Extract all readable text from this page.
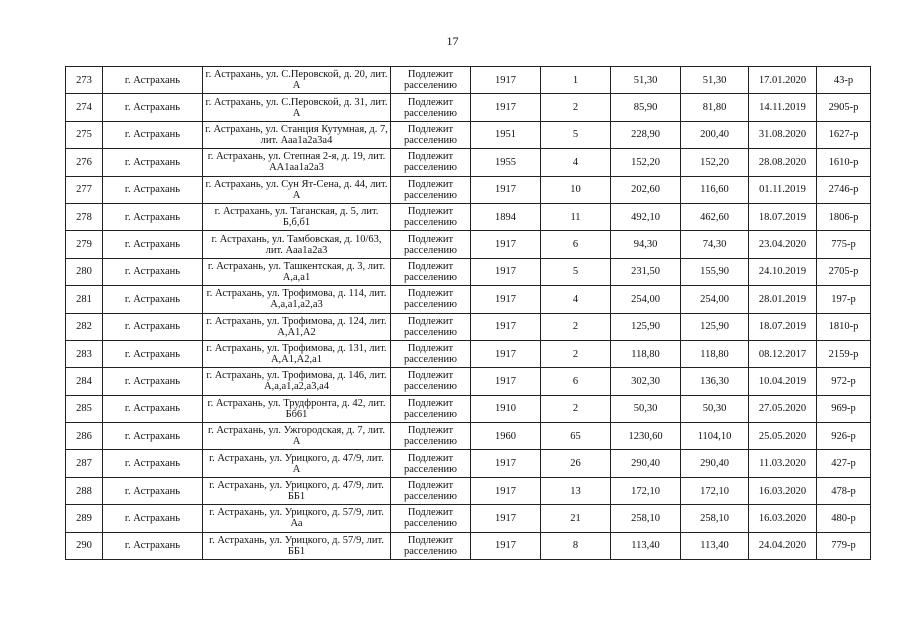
17
273	г. Астрахань	г. Астрахань, ул. С.Перовской, д. 20, лит. А	Подлежит расселению	1917	1	51,30	51,30	17.01.2020	43-р
274	г. Астрахань	г. Астрахань, ул. С.Перовской, д. 31, лит. А	Подлежит расселению	1917	2	85,90	81,80	14.11.2019	2905-р
275	г. Астрахань	г. Астрахань, ул. Станция Кутумная, д. 7, лит. Ааа1а2а3а4	Подлежит расселению	1951	5	228,90	200,40	31.08.2020	1627-р
276	г. Астрахань	г. Астрахань, ул. Степная 2-я, д. 19, лит. АА1аа1а2а3	Подлежит расселению	1955	4	152,20	152,20	28.08.2020	1610-р
277	г. Астрахань	г. Астрахань, ул. Сун Ят-Сена, д. 44, лит. А	Подлежит расселению	1917	10	202,60	116,60	01.11.2019	2746-р
278	г. Астрахань	г. Астрахань, ул. Таганская, д. 5, лит. Б,б,б1	Подлежит расселению	1894	11	492,10	462,60	18.07.2019	1806-р
279	г. Астрахань	г. Астрахань, ул. Тамбовская, д. 10/63, лит. Ааа1а2а3	Подлежит расселению	1917	6	94,30	74,30	23.04.2020	775-р
280	г. Астрахань	г. Астрахань, ул. Ташкентская, д. 3, лит. А,а,а1	Подлежит расселению	1917	5	231,50	155,90	24.10.2019	2705-р
281	г. Астрахань	г. Астрахань, ул. Трофимова, д. 114, лит. А,а,а1,а2,а3	Подлежит расселению	1917	4	254,00	254,00	28.01.2019	197-р
282	г. Астрахань	г. Астрахань, ул. Трофимова, д. 124, лит. А,А1,А2	Подлежит расселению	1917	2	125,90	125,90	18.07.2019	1810-р
283	г. Астрахань	г. Астрахань, ул. Трофимова, д. 131, лит. А,А1,А2,а1	Подлежит расселению	1917	2	118,80	118,80	08.12.2017	2159-р
284	г. Астрахань	г. Астрахань, ул. Трофимова, д. 146, лит. А,а,а1,а2,а3,а4	Подлежит расселению	1917	6	302,30	136,30	10.04.2019	972-р
285	г. Астрахань	г. Астрахань, ул. Трудфронта, д. 42, лит. Бб61	Подлежит расселению	1910	2	50,30	50,30	27.05.2020	969-р
286	г. Астрахань	г. Астрахань, ул. Ужгородская, д. 7, лит. А	Подлежит расселению	1960	65	1230,60	1104,10	25.05.2020	926-р
287	г. Астрахань	г. Астрахань, ул. Урицкого, д. 47/9, лит. А	Подлежит расселению	1917	26	290,40	290,40	11.03.2020	427-р
288	г. Астрахань	г. Астрахань, ул. Урицкого, д. 47/9, лит. ББ1	Подлежит расселению	1917	13	172,10	172,10	16.03.2020	478-р
289	г. Астрахань	г. Астрахань, ул. Урицкого, д. 57/9, лит. Аа	Подлежит расселению	1917	21	258,10	258,10	16.03.2020	480-р
290	г. Астрахань	г. Астрахань, ул. Урицкого, д. 57/9, лит. ББ1	Подлежит расселению	1917	8	113,40	113,40	24.04.2020	779-р
